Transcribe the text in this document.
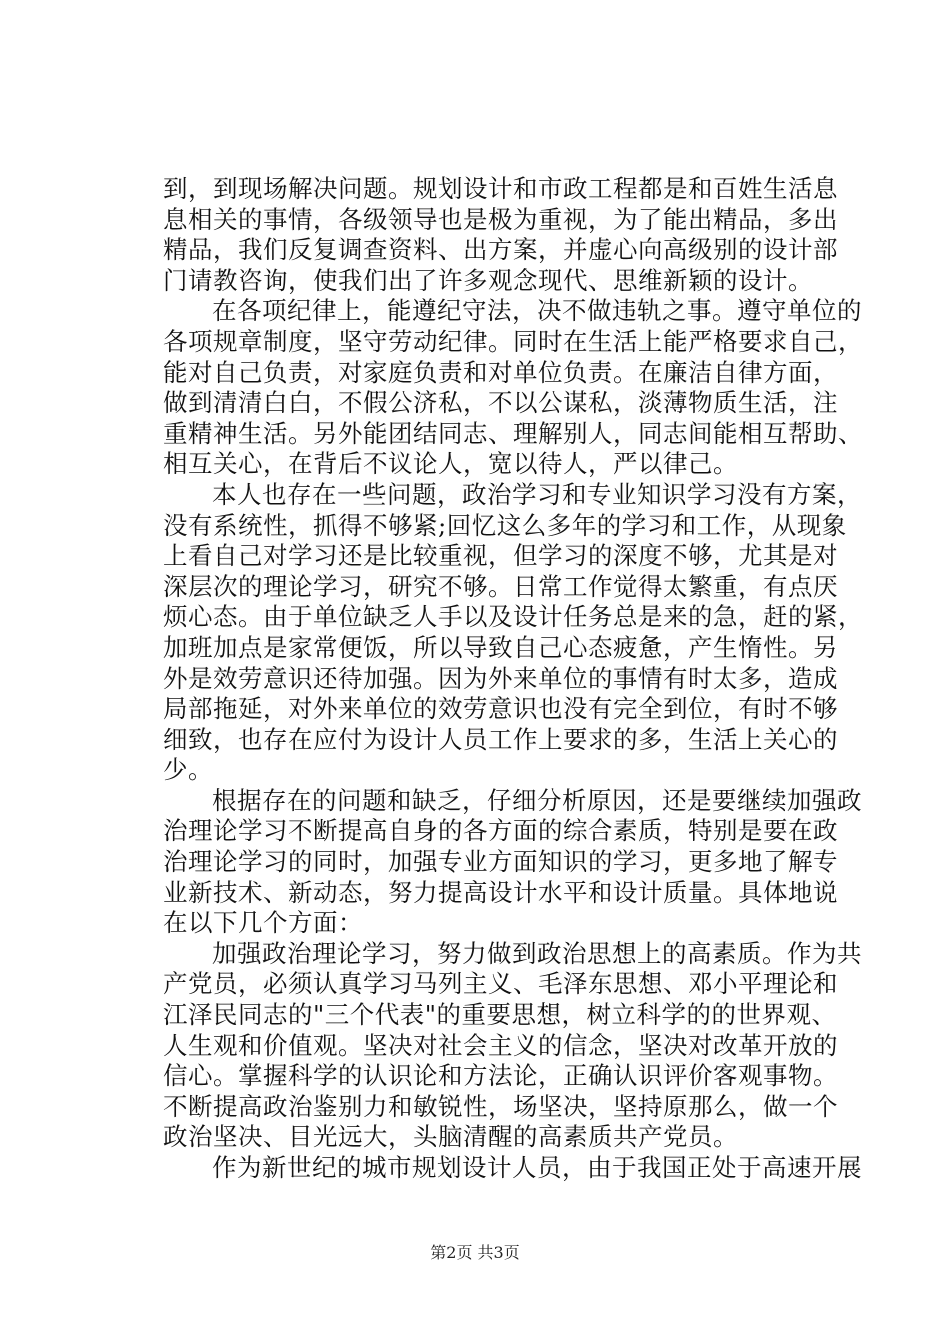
到，到现场解决问题。规划设计和市政工程都是和百姓生活息
息相关的事情，各级领导也是极为重视，为了能出精品，多出
精品，我们反复调查资料、出方案，并虚心向高级别的设计部
门请教咨询，使我们出了许多观念现代、思维新颖的设计。
在各项纪律上，能遵纪守法，决不做违轨之事。遵守单位的
各项规章制度，坚守劳动纪律。同时在生活上能严格要求自己，
能对自己负责，对家庭负责和对单位负责。在廉洁自律方面，
做到清清白白，不假公济私，不以公谋私，淡薄物质生活，注
重精神生活。另外能团结同志、理解别人，同志间能相互帮助、
相互关心，在背后不议论人，宽以待人，严以律己。
本人也存在一些问题，政治学习和专业知识学习没有方案，
没有系统性，抓得不够紧;回忆这么多年的学习和工作，从现象
上看自己对学习还是比较重视，但学习的深度不够，尤其是对
深层次的理论学习，研究不够。日常工作觉得太繁重，有点厌
烦心态。由于单位缺乏人手以及设计任务总是来的急，赶的紧，
加班加点是家常便饭，所以导致自己心态疲惫，产生惰性。另
外是效劳意识还待加强。因为外来单位的事情有时太多，造成
局部拖延，对外来单位的效劳意识也没有完全到位，有时不够
细致，也存在应付为设计人员工作上要求的多，生活上关心的
少。
根据存在的问题和缺乏，仔细分析原因，还是要继续加强政
治理论学习不断提高自身的各方面的综合素质，特别是要在政
治理论学习的同时，加强专业方面知识的学习，更多地了解专
业新技术、新动态，努力提高设计水平和设计质量。具体地说
在以下几个方面：
加强政治理论学习，努力做到政治思想上的高素质。作为共
产党员，必须认真学习马列主义、毛泽东思想、邓小平理论和
江泽民同志的"三个代表"的重要思想，树立科学的的世界观、
人生观和价值观。坚决对社会主义的信念，坚决对改革开放的
信心。掌握科学的认识论和方法论，正确认识评价客观事物。
不断提高政治鉴别力和敏锐性，场坚决，坚持原那么，做一个
政治坚决、目光远大，头脑清醒的高素质共产党员。
作为新世纪的城市规划设计人员，由于我国正处于高速开展
第2页 共3页
